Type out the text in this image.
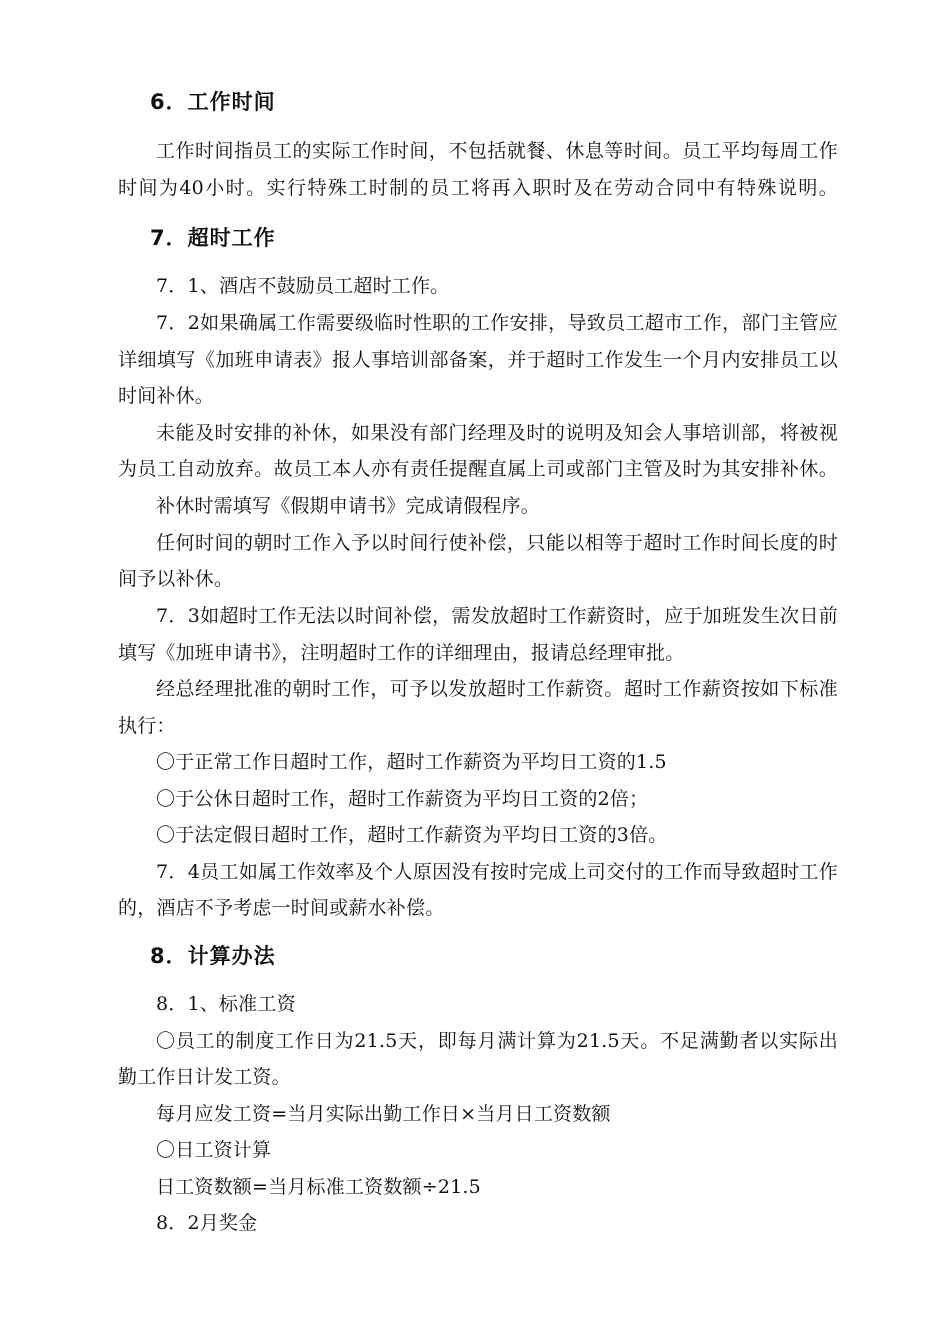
6．工作时间
工作时间指员工的实际工作时间，不包括就餐、休息等时间。员工平均每周工作
时间为40小时。实行特殊工时制的员工将再入职时及在劳动合同中有特殊说明。
7．超时工作
7．1、酒店不鼓励员工超时工作。
7．2如果确属工作需要级临时性职的工作安排，导致员工超市工作，部门主管应
详细填写《加班申请表》报人事培训部备案，并于超时工作发生一个月内安排员工以
时间补休。
未能及时安排的补休，如果没有部门经理及时的说明及知会人事培训部，将被视
为员工自动放弃。故员工本人亦有责任提醒直属上司或部门主管及时为其安排补休。
补休时需填写《假期申请书》完成请假程序。
任何时间的朝时工作入予以时间行使补偿，只能以相等于超时工作时间长度的时
间予以补休。
7．3如超时工作无法以时间补偿，需发放超时工作薪资时，应于加班发生次日前
填写《加班申请书》，注明超时工作的详细理由，报请总经理审批。
经总经理批准的朝时工作，可予以发放超时工作薪资。超时工作薪资按如下标准
执行：
〇于正常工作日超时工作，超时工作薪资为平均日工资的1.5
〇于公休日超时工作，超时工作薪资为平均日工资的2倍；
〇于法定假日超时工作，超时工作薪资为平均日工资的3倍。
7．4员工如属工作效率及个人原因没有按时完成上司交付的工作而导致超时工作
的，酒店不予考虑一时间或薪水补偿。
8．计算办法
8．1、标准工资
〇员工的制度工作日为21.5天，即每月满计算为21.5天。不足满勤者以实际出
勤工作日计发工资。
每月应发工资=当月实际出勤工作日×当月日工资数额
〇日工资计算
日工资数额=当月标准工资数额÷21.5
8．2月奖金
